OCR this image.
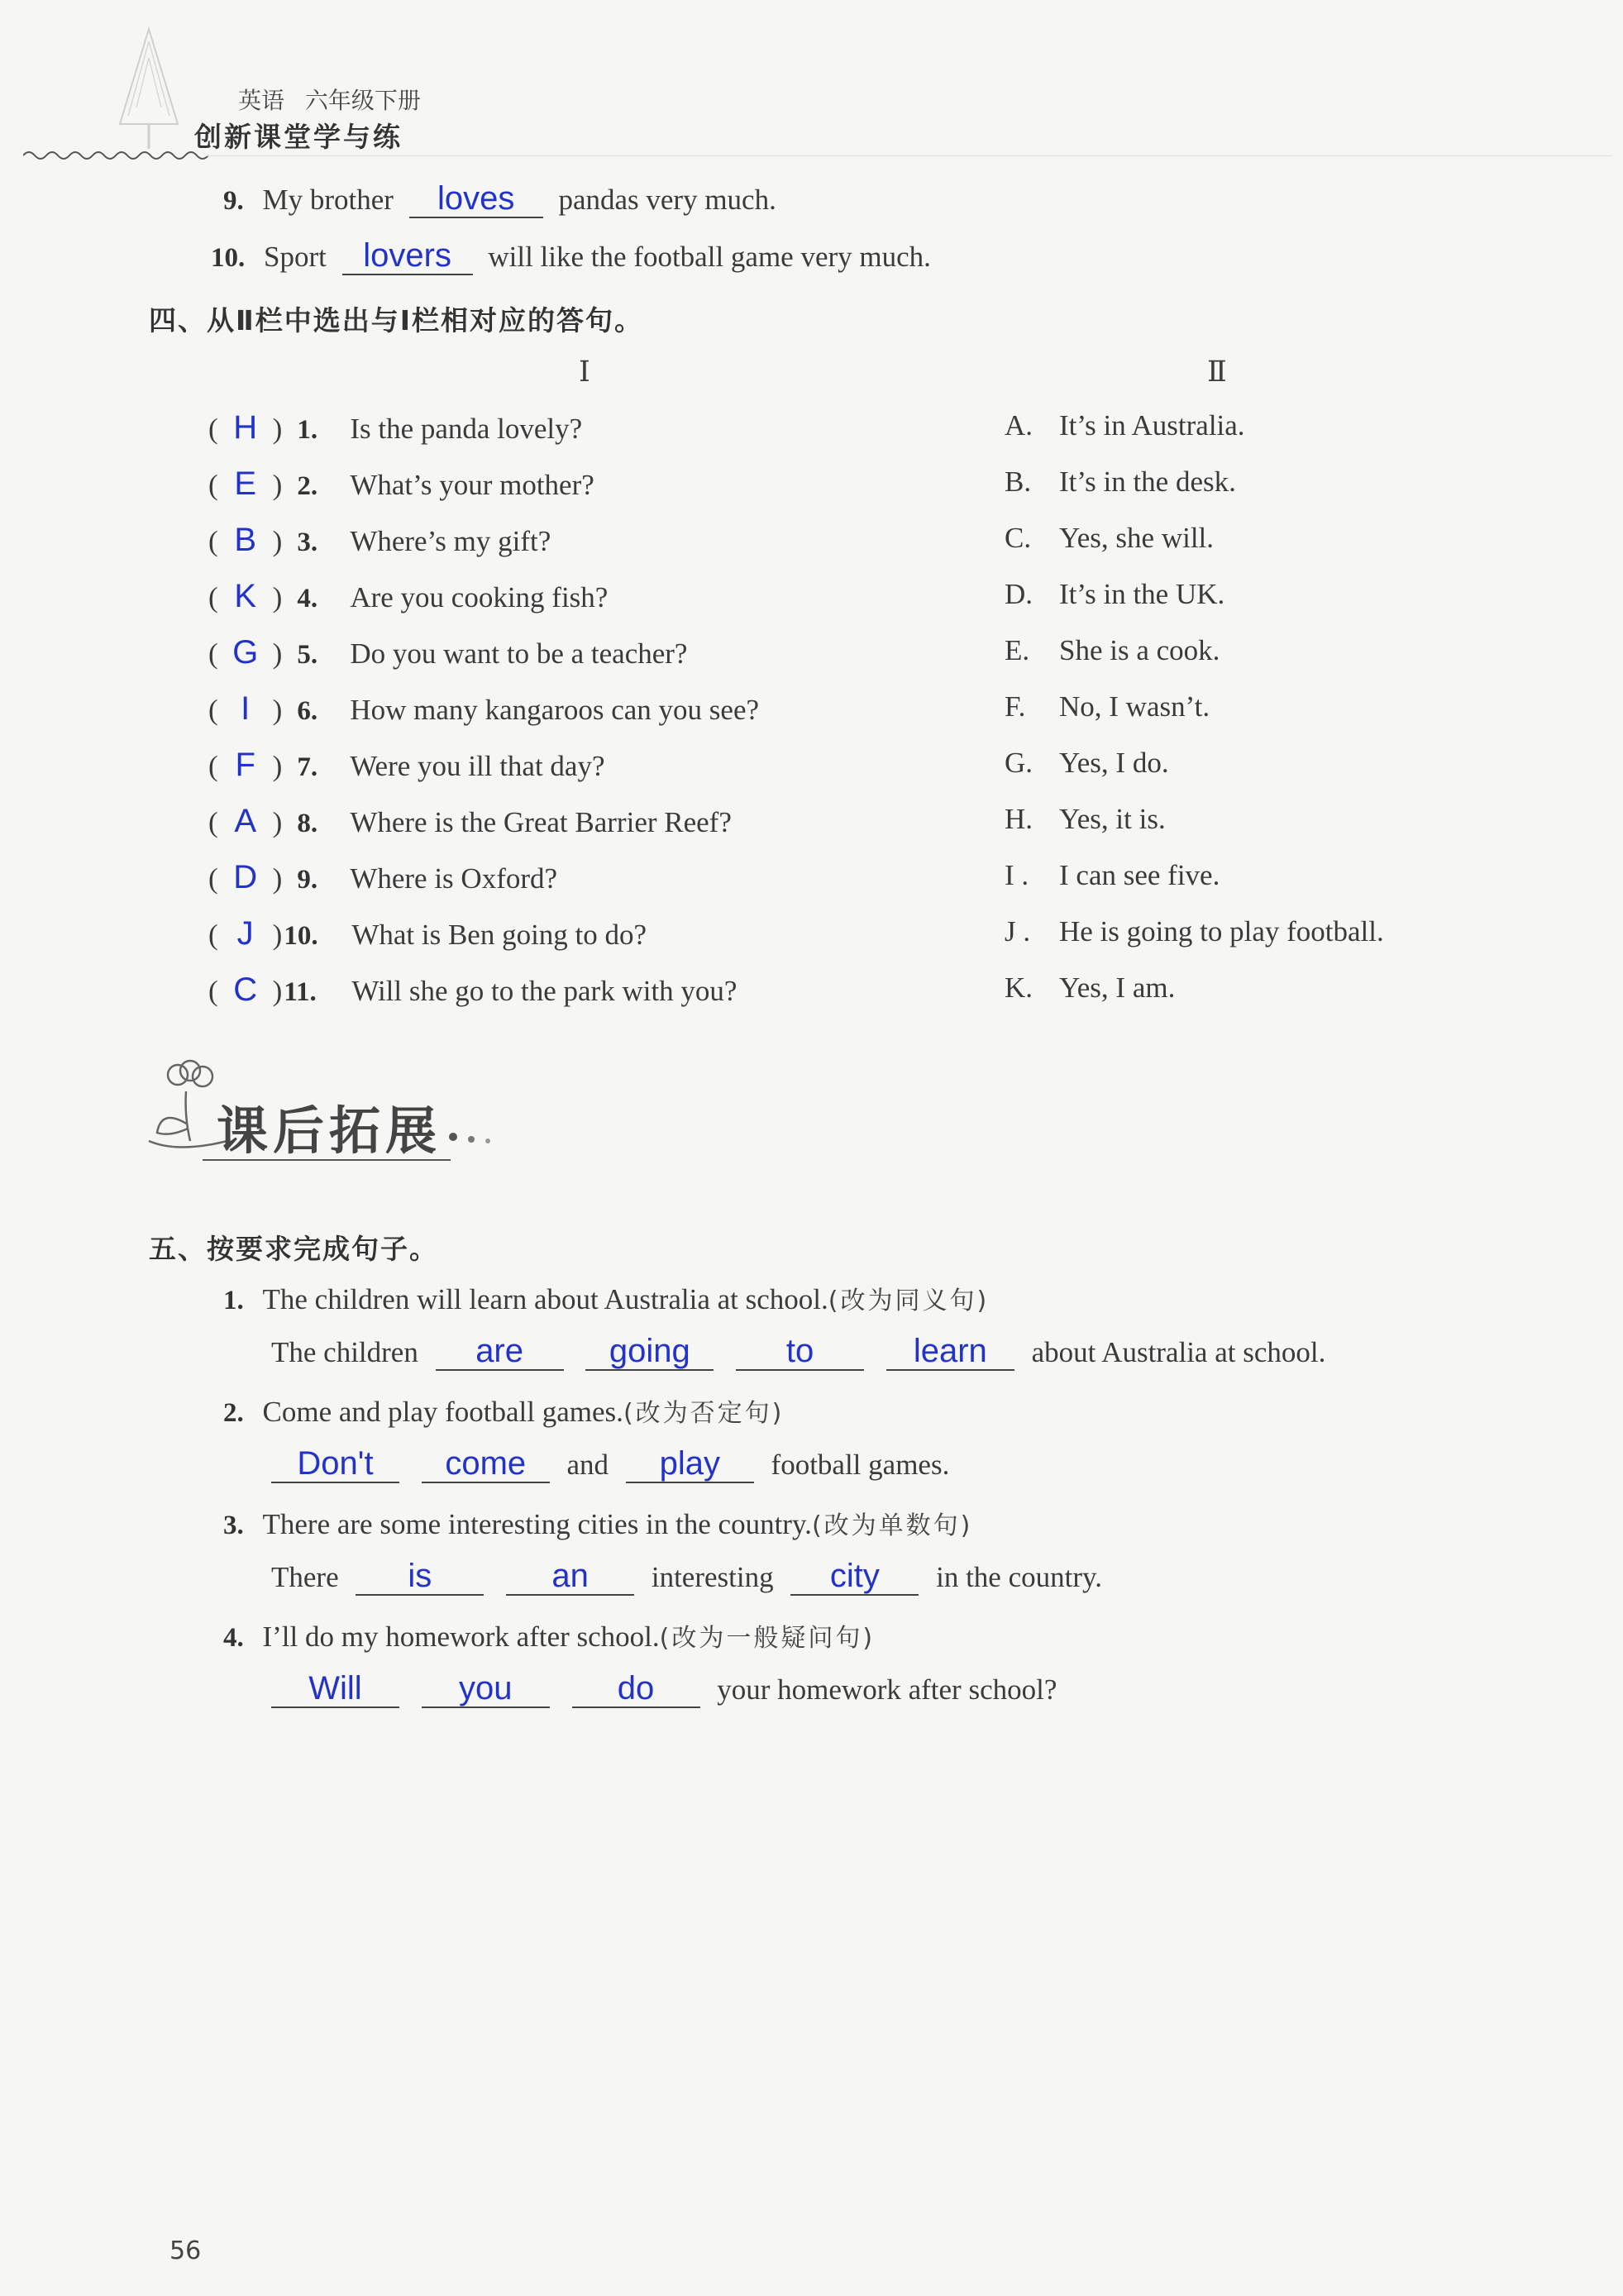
英语 六年级下册
创新课堂学与练
9. My brother loves pandas very much.
10. Sport lovers will like the football game very much.
四、从Ⅱ栏中选出与Ⅰ栏相对应的答句。
Ⅰ	Ⅱ
( H ) 1. Is the panda lovely?	A. It’s in Australia.
( E ) 2. What’s your mother?	B. It’s in the desk.
( B ) 3. Where’s my gift?	C. Yes, she will.
( K ) 4. Are you cooking fish?	D. It’s in the UK.
( G ) 5. Do you want to be a teacher?	E. She is a cook.
( I ) 6. How many kangaroos can you see?	F. No, I wasn’t.
( F ) 7. Were you ill that day?	G. Yes, I do.
( A ) 8. Where is the Great Barrier Reef?	H. Yes, it is.
( D ) 9. Where is Oxford?	I . I can see five.
( J )10. What is Ben going to do?	J . He is going to play football.
( C )11. Will she go to the park with you?	K. Yes, I am.
课后拓展
五、按要求完成句子。
1. The children will learn about Australia at school.(改为同义句)
The children are	going	to	learn about Australia at school.
2. Come and play football games.(改为否定句)
Don't come and play football games.
3. There are some interesting cities in the country.(改为单数句)
There is	an interesting city in the country.
4. I’ll do my homework after school.(改为一般疑问句)
Will	you	do your homework after school?
56
